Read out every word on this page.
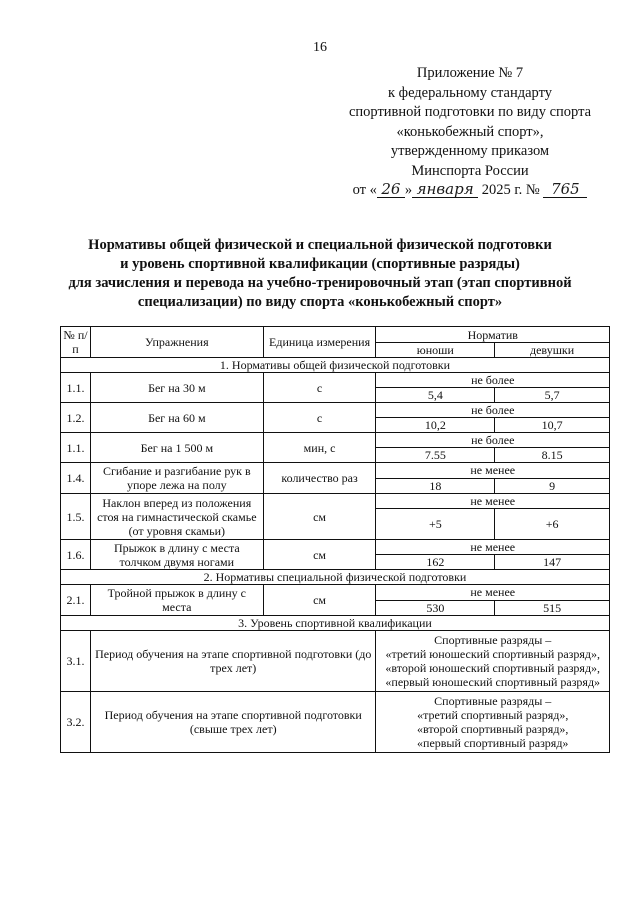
16
Приложение № 7
к федеральному стандарту
спортивной подготовки по виду спорта
«конькобежный спорт»,
утвержденному приказом
Минспорта России
от « 26 » января 2025 г. № 765
Нормативы общей физической и специальной физической подготовки
и уровень спортивной квалификации (спортивные разряды)
для зачисления и перевода на учебно-тренировочный этап (этап спортивной
специализации) по виду спорта «конькобежный спорт»
№ п/п	Упражнения	Единица измерения	Норматив	
			юноши	девушки
1. Нормативы общей физической подготовки				
1.1.	Бег на 30 м	с	не более	
			5,4	5,7
1.2.	Бег на 60 м	с	не более	
			10,2	10,7
1.1.	Бег на 1 500 м	мин, с	не более	
			7.55	8.15
1.4.	Сгибание и разгибание рук в упоре лежа на полу	количество раз	не менее	
			18	9
1.5.	Наклон вперед из положения стоя на гимнастической скамье (от уровня скамьи)	см	не менее	
			+5	+6
1.6.	Прыжок в длину с места толчком двумя ногами	см	не менее	
			162	147
2. Нормативы специальной физической подготовки				
2.1.	Тройной прыжок в длину с места	см	не менее	
			530	515
3. Уровень спортивной квалификации				
3.1.	Период обучения на этапе спортивной подготовки (до трех лет)		Спортивные разряды –
«третий юношеский спортивный разряд»,
«второй юношеский спортивный разряд»,
«первый юношеский спортивный разряд»	

3.2.	Период обучения на этапе спортивной подготовки (свыше трех лет)		Спортивные разряды –
«третий спортивный разряд»,
«второй спортивный разряд»,
«первый спортивный разряд»	
